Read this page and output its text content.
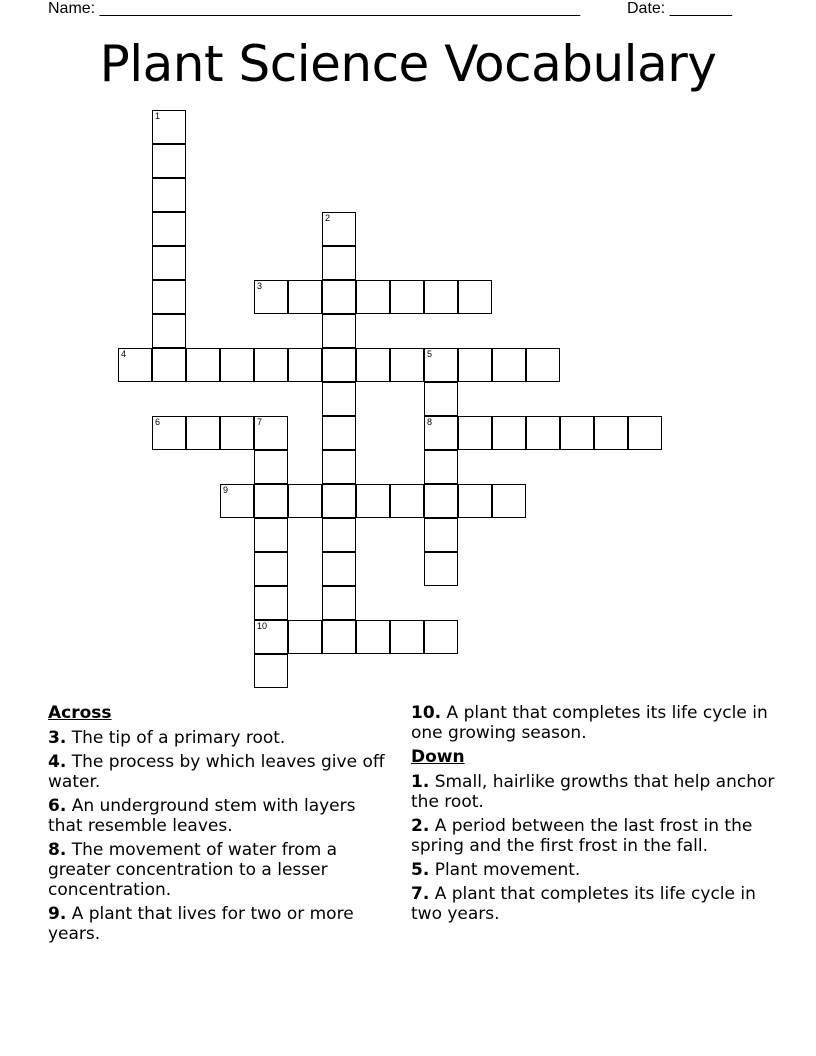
Name: ______________________________________________________	Date: _______
Plant Science Vocabulary
1
2
3
4	5
8
6	7
10
9
Across
3. The tip of a primary root.
4. The process by which leaves give off water.
6. An underground stem with layers that resemble leaves.
8. The movement of water from a greater concentration to a lesser concentration.
9. A plant that lives for two or more years.
10. A plant that completes its life cycle in one growing season.
Down
1. Small, hairlike growths that help anchor the root.
2. A period between the last frost in the spring and the first frost in the fall.
5. Plant movement.
7. A plant that completes its life cycle in two years.
